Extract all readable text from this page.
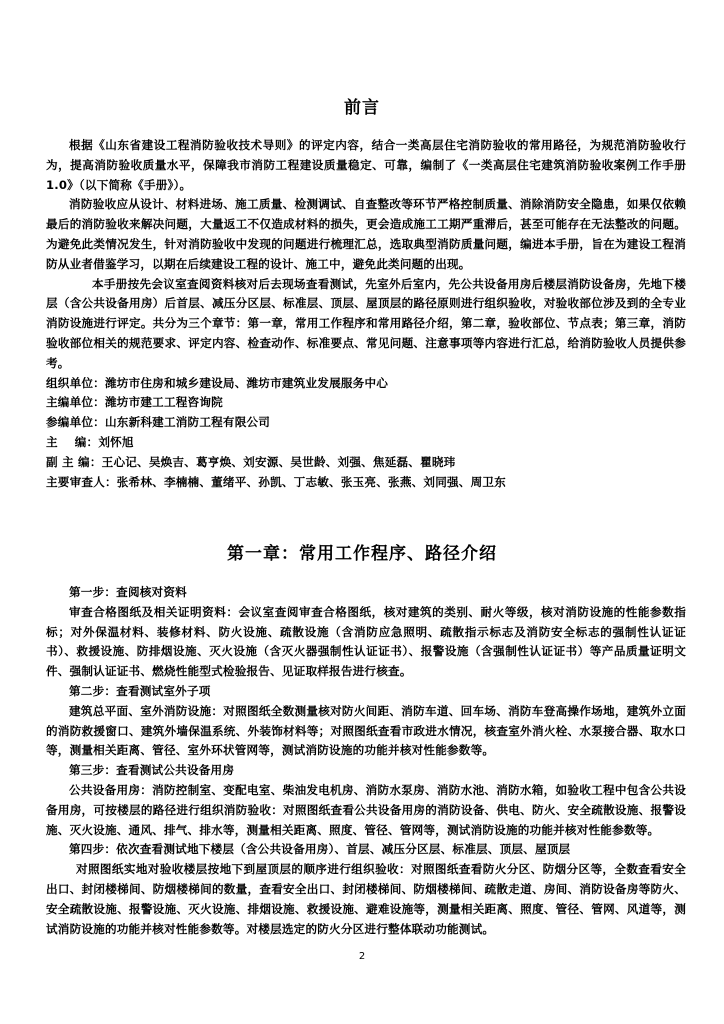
前言

根据《山东省建设工程消防验收技术导则》的评定内容，结合一类高层住宅消防验收的常用路径，为规范消防验收行为，提高消防验收质量水平，保障我市消防工程建设质量稳定、可靠，编制了《一类高层住宅建筑消防验收案例工作手册 1.0》（以下简称《手册》）。

消防验收应从设计、材料进场、施工质量、检测调试、自查整改等环节严格控制质量、消除消防安全隐患，如果仅依赖最后的消防验收来解决问题，大量返工不仅造成材料的损失，更会造成施工工期严重滞后，甚至可能存在无法整改的问题。为避免此类情况发生，针对消防验收中发现的问题进行梳理汇总，选取典型消防质量问题，编进本手册，旨在为建设工程消防从业者借鉴学习，以期在后续建设工程的设计、施工中，避免此类问题的出现。

本手册按先会议室查阅资料核对后去现场查看测试，先室外后室内，先公共设备用房后楼层消防设备房，先地下楼层（含公共设备用房）后首层、减压分区层、标准层、顶层、屋顶层的路径原则进行组织验收，对验收部位涉及到的全专业消防设施进行评定。共分为三个章节：第一章，常用工作程序和常用路径介绍，第二章，验收部位、节点表；第三章，消防验收部位相关的规范要求、评定内容、检查动作、标准要点、常见问题、注意事项等内容进行汇总，给消防验收人员提供参考。

组织单位：潍坊市住房和城乡建设局、潍坊市建筑业发展服务中心

主编单位：潍坊市建工工程咨询院

参编单位：山东新科建工消防工程有限公司

主    编：刘怀旭

副 主 编：王心记、吴焕吉、葛亨焕、刘安源、吴世龄、刘强、焦延磊、瞿晓玮

主要审查人：张希林、李楠楠、董绪平、孙凯、丁志敏、张玉亮、张燕、刘同强、周卫东

第一章：常用工作程序、路径介绍

第一步：查阅核对资料

审查合格图纸及相关证明资料：会议室查阅审查合格图纸，核对建筑的类别、耐火等级，核对消防设施的性能参数指标；对外保温材料、装修材料、防火设施、疏散设施（含消防应急照明、疏散指示标志及消防安全标志的强制性认证证书）、救援设施、防排烟设施、灭火设施（含灭火器强制性认证证书）、报警设施（含强制性认证证书）等产品质量证明文件、强制认证证书、燃烧性能型式检验报告、见证取样报告进行核查。

第二步：查看测试室外子项

建筑总平面、室外消防设施：对照图纸全数测量核对防火间距、消防车道、回车场、消防车登高操作场地，建筑外立面的消防救援窗口、建筑外墙保温系统、外装饰材料等；对照图纸查看市政进水情况，核查室外消火栓、水泵接合器、取水口等，测量相关距离、管径、室外环状管网等，测试消防设施的功能并核对性能参数等。

第三步：查看测试公共设备用房

公共设备用房：消防控制室、变配电室、柴油发电机房、消防水泵房、消防水池、消防水箱，如验收工程中包含公共设备用房，可按楼层的路径进行组织消防验收：对照图纸查看公共设备用房的消防设备、供电、防火、安全疏散设施、报警设施、灭火设施、通风、排气、排水等，测量相关距离、照度、管径、管网等，测试消防设施的功能并核对性能参数等。

第四步：依次查看测试地下楼层（含公共设备用房）、首层、减压分区层、标准层、顶层、屋顶层

对照图纸实地对验收楼层按地下到屋顶层的顺序进行组织验收：对照图纸查看防火分区、防烟分区等，全数查看安全出口、封闭楼梯间、防烟楼梯间的数量，查看安全出口、封闭楼梯间、防烟楼梯间、疏散走道、房间、消防设备房等防火、安全疏散设施、报警设施、灭火设施、排烟设施、救援设施、避难设施等，测量相关距离、照度、管径、管网、风道等，测试消防设施的功能并核对性能参数等。对楼层选定的防火分区进行整体联动功能测试。

2
